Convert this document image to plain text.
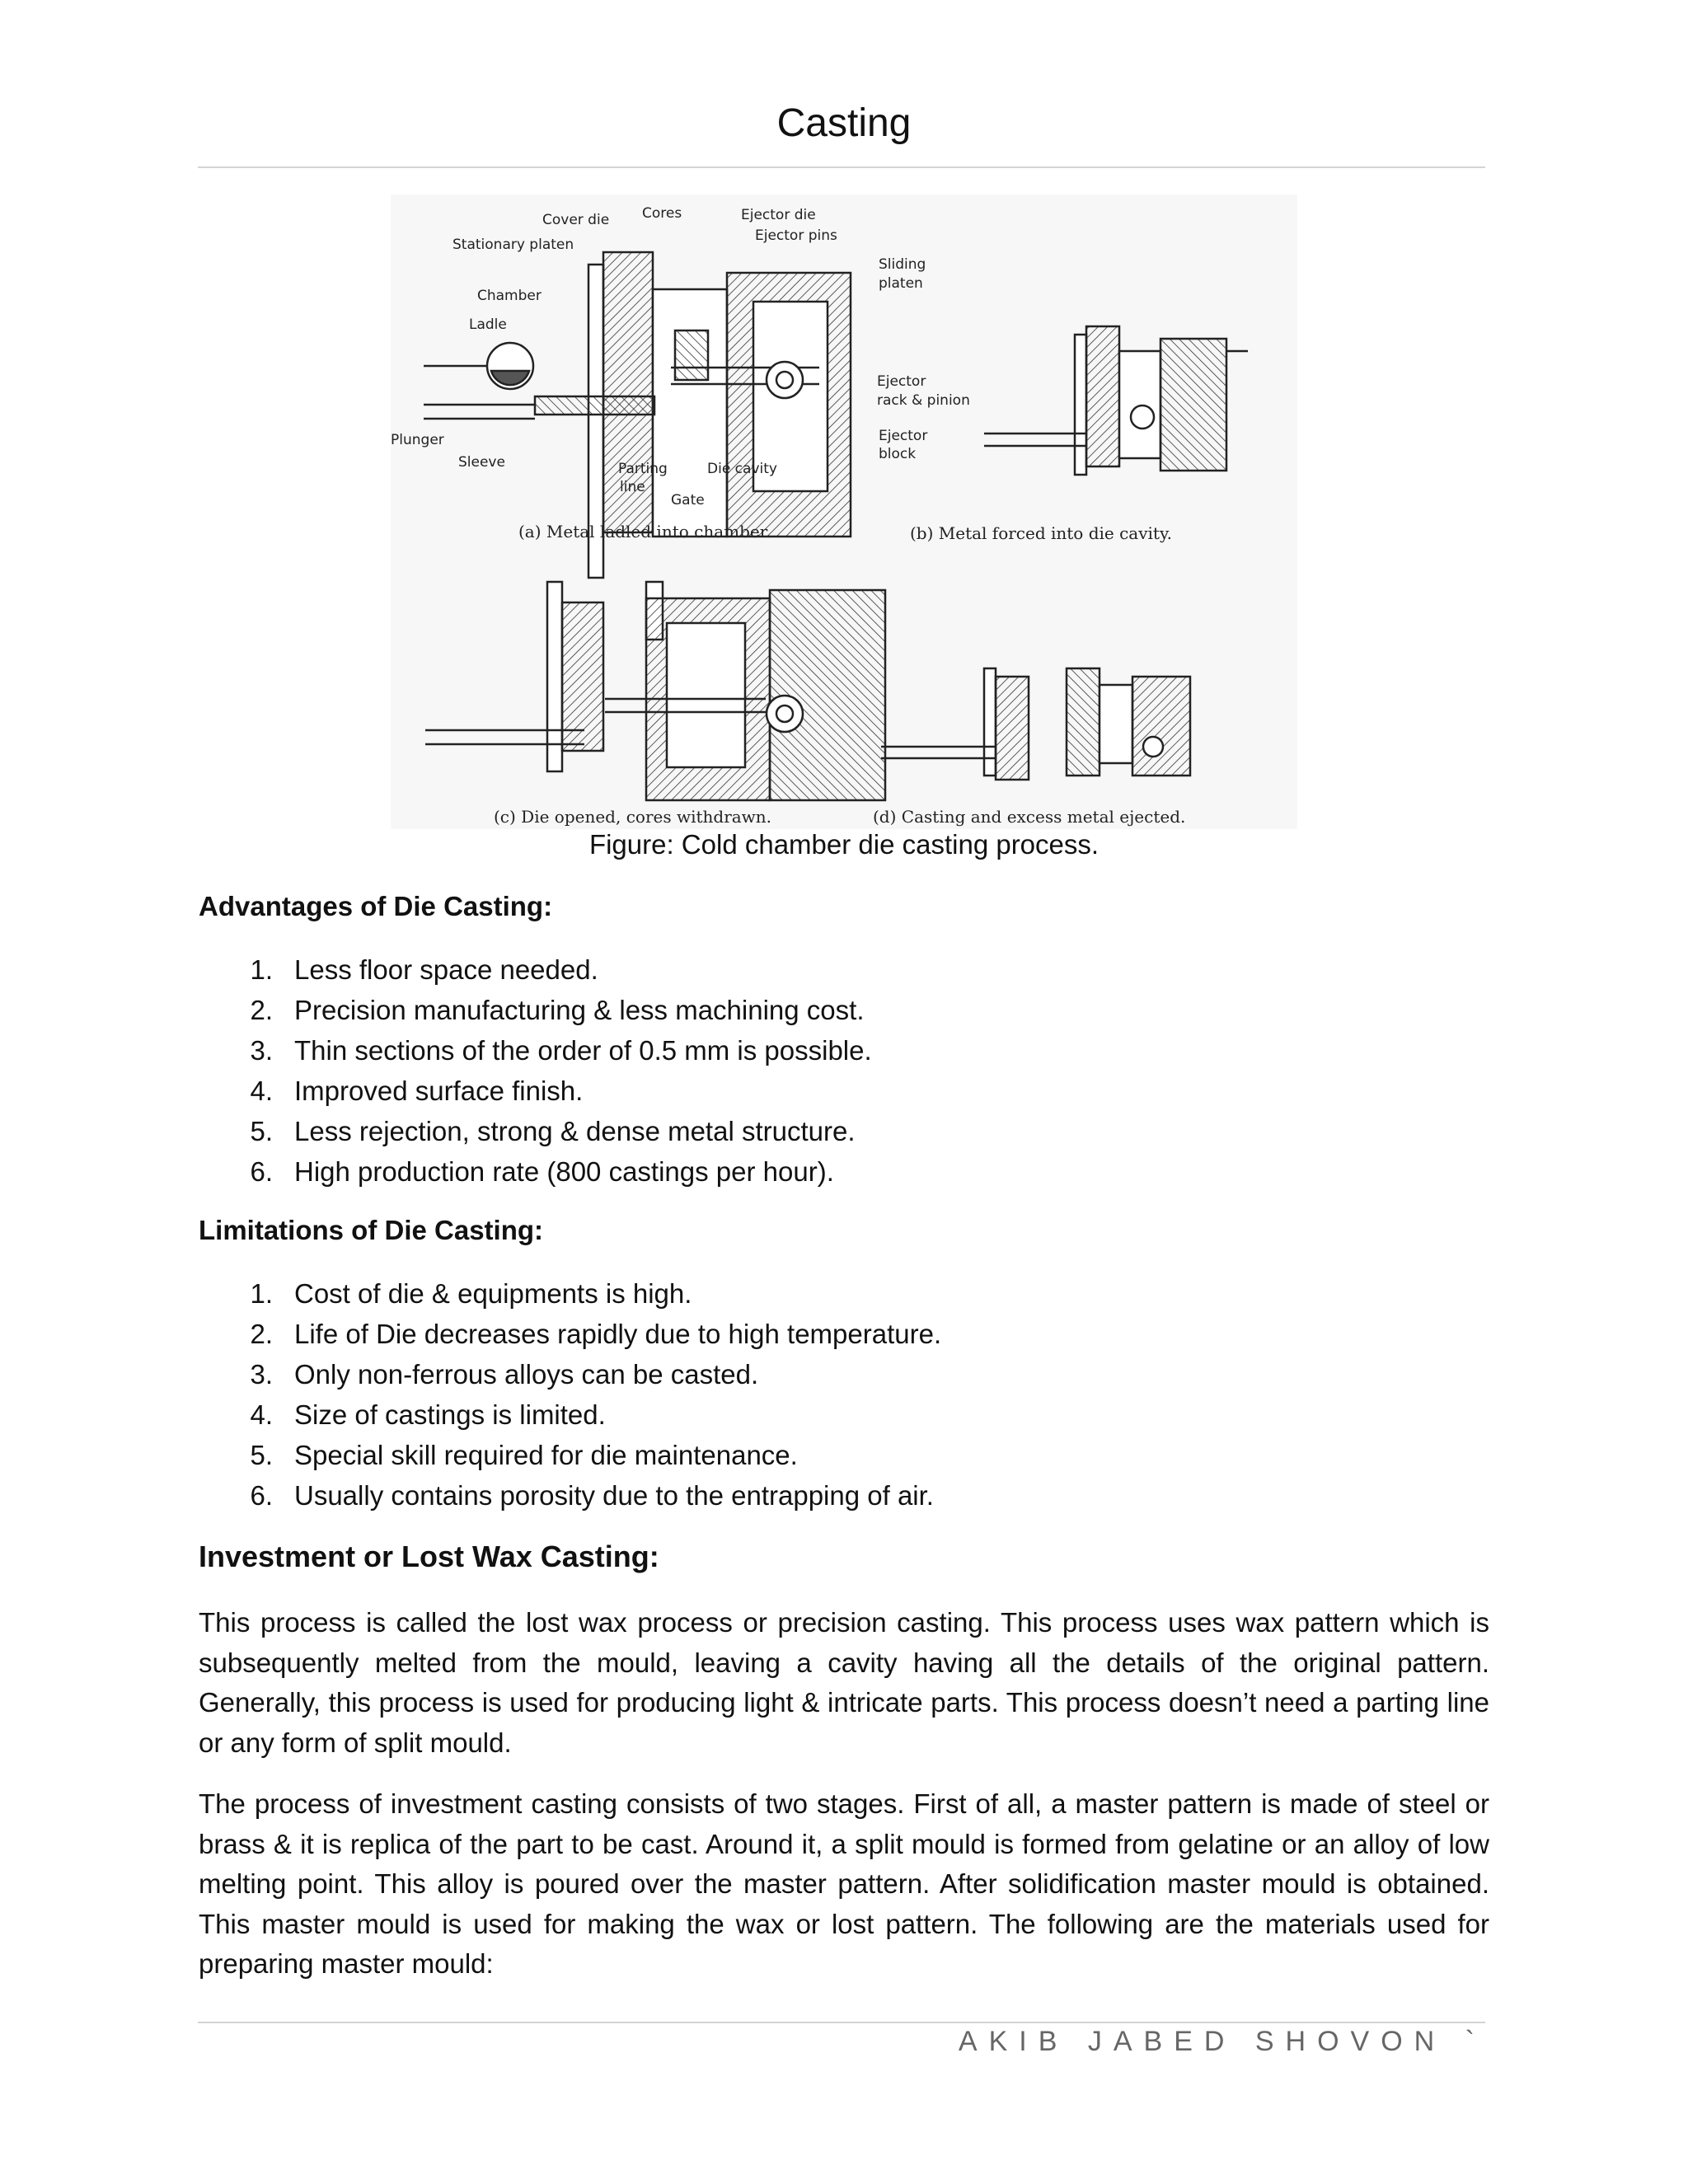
Casting
Cover die Cores	Ejector die
Ejector pins
Stationary platen
Sliding
platen
Chamber
Ladle
Ejector
rack & pinion
Plunger	Ejector
block
Sleeve	Parting
line
Die cavity
Gate
(a) Metal ladled into chamber.	(b) Metal forced into die cavity.
(c) Die opened, cores withdrawn.	(d) Casting and excess metal ejected.
Figure: Cold chamber die casting process.
Advantages of Die Casting:
1. Less floor space needed.
2. Precision manufacturing & less machining cost.
3. Thin sections of the order of 0.5 mm is possible.
4. Improved surface finish.
5. Less rejection, strong & dense metal structure.
6. High production rate (800 castings per hour).
Limitations of Die Casting:
1. Cost of die & equipments is high.
2. Life of Die decreases rapidly due to high temperature.
3. Only non-ferrous alloys can be casted.
4. Size of castings is limited.
5. Special skill required for die maintenance.
6. Usually contains porosity due to the entrapping of air.
Investment or Lost Wax Casting:

This process is called the lost wax process or precision casting. This process uses wax pattern which is subsequently melted from the mould, leaving a cavity having all the details of the original pattern. Generally, this process is used for producing light & intricate parts. This process doesn’t need a parting line or any form of split mould.

The process of investment casting consists of two stages. First of all, a master pattern is made of steel or brass & it is replica of the part to be cast. Around it, a split mould is formed from gelatine or an alloy of low melting point. This alloy is poured over the master pattern. After solidification master mould is obtained. This master mould is used for making the wax or lost pattern. The following are the materials used for preparing master mould:

AKIB JABED SHOVON `
